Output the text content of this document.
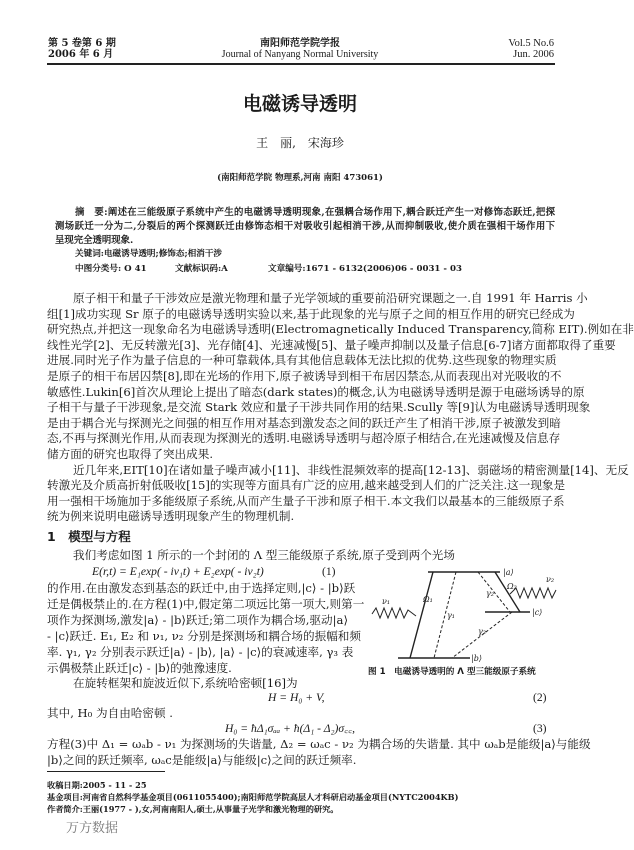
第 5 卷第 6 期
2006 年 6 月
南阳师范学院学报
Journal of Nanyang Normal University
Vol.5 No.6
Jun. 2006
电磁诱导透明
王　丽,　宋海珍
(南阳师范学院 物理系,河南 南阳 473061)
摘　要:阐述在三能级原子系统中产生的电磁诱导透明现象,在强耦合场作用下,耦合跃迁产生一对修饰态跃迁,把探
测场跃迁一分为二,分裂后的两个探测跃迁由修饰态相干对吸收引起相消干涉,从而抑制吸收,使介质在强相干场作用下
呈现完全透明现象.
关键词:电磁诱导透明;修饰态;相消干涉
中图分类号: O 41	文献标识码:A	文章编号:1671 - 6132(2006)06 - 0031 - 03
原子相干和量子干涉效应是激光物理和量子光学领域的重要前沿研究课题之一.自 1991 年 Harris 小
组[1]成功实现 Sr 原子的电磁诱导透明实验以来,基于此现象的光与原子之间的相互作用的研究已经成为
研究热点,并把这一现象命名为电磁诱导透明(Electromagnetically Induced Transparency,简称 EIT).例如在非
线性光学[2]、无反转激光[3]、光存储[4]、光速减慢[5]、量子噪声抑制以及量子信息[6-7]诸方面都取得了重要
进展.同时光子作为量子信息的一种可靠载体,具有其他信息载体无法比拟的优势.这些现象的物理实质
是原子的相干布居囚禁[8],即在光场的作用下,原子被诱导到相干布居囚禁态,从而表现出对光吸收的不
敏感性.Lukin[6]首次从理论上提出了暗态(dark states)的概念,认为电磁诱导透明是源于电磁场诱导的原
子相干与量子干涉现象,是交流 Stark 效应和量子干涉共同作用的结果.Scully 等[9]认为电磁诱导透明现象
是由于耦合光与探测光之间强的相互作用对基态到激发态之间的跃迁产生了相消干涉,原子被激发到暗
态,不再与探测光作用,从而表现为探测光的透明.电磁诱导透明与超冷原子相结合,在光速减慢及信息存
储方面的研究也取得了突出成果.
近几年来,EIT[10]在诸如量子噪声减小[11]、非线性混频效率的提高[12-13]、弱磁场的精密测量[14]、无反
转激光及介质高折射低吸收[15]的实现等方面具有广泛的应用,越来越受到人们的广泛关注.这一现象是
用一强相干场施加于多能级原子系统,从而产生量子干涉和原子相干.本文我们以最基本的三能级原子系
统为例来说明电磁诱导透明现象产生的物理机制.
1　模型与方程
我们考虑如图 1 所示的一个封闭的 Λ 型三能级原子系统,原子受到两个光场
E(r,t) = E₁exp( - iν₁t) + E₂exp( - iν₂t)	(1)
的作用.在由激发态到基态的跃迁中,由于选择定则,|c⟩ - |b⟩跃
迁是偶极禁止的.在方程(1)中,假定第二项远比第一项大,则第一
项作为探测场,激发|a⟩ - |b⟩跃迁;第二项作为耦合场,驱动|a⟩
- |c⟩跃迁. E₁, E₂ 和 ν₁, ν₂ 分别是探测场和耦合场的振幅和频
率. γ₁, γ₂ 分别表示跃迁|a⟩ - |b⟩, |a⟩ - |c⟩的衰减速率, γ₃ 表
示偶极禁止跃迁|c⟩ - |b⟩的弛豫速度.
在旋转框架和旋波近似下,系统哈密顿[16]为
H = H₀ + V,	(2)
其中, H₀ 为自由哈密顿 .
H₀ = ħΔ₁σₐₐ + ħ(Δ₁ - Δ₂)σ꜀꜀,	(3)
方程(3)中 Δ₁ = ωₐb - ν₁ 为探测场的失谐量, Δ₂ = ωₐc - ν₂ 为耦合场的失谐量. 其中 ωₐb是能级|a⟩与能级
|b⟩之间的跃迁频率, ωₐc是能级|a⟩与能级|c⟩之间的跃迁频率.
|a⟩
|c⟩
|b⟩
Ω₁
Ω₂
ν₁
ν₂
γ₁
γ₂
γ₃
图 1　电磁诱导透明的 Λ 型三能级原子系统
收稿日期:2005 - 11 - 25
基金项目:河南省自然科学基金项目(0611055400);南阳师范学院高层人才科研启动基金项目(NYTC2004KB)
作者简介:王丽(1977 - ),女,河南南阳人,硕士,从事量子光学和激光物理的研究。
万方数据
